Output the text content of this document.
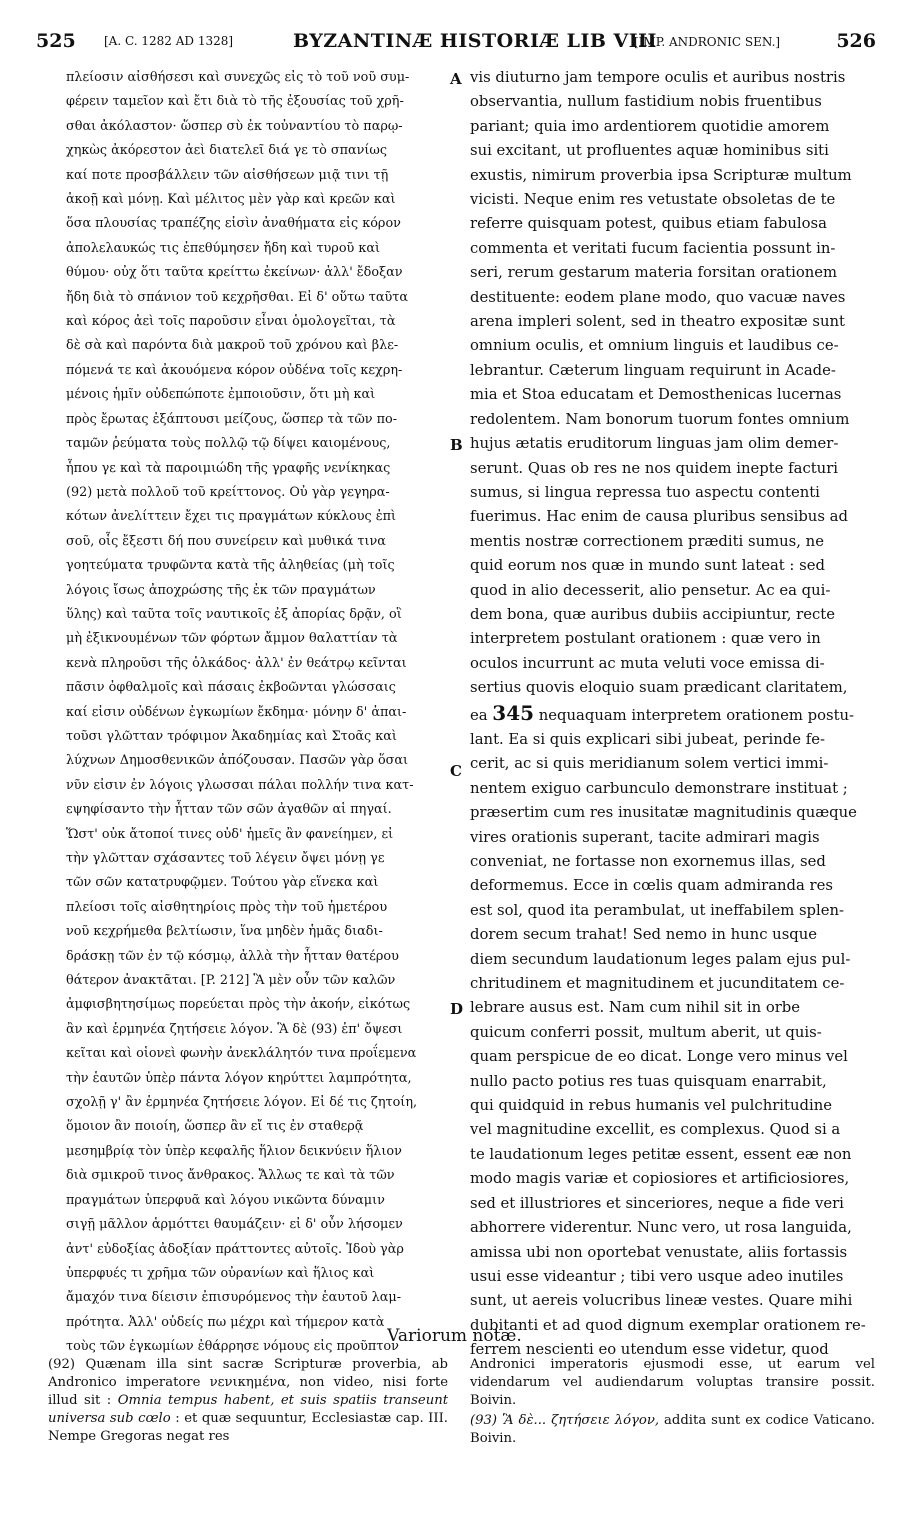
525 [A. C. 1282 AD 1328]	BYZANTINÆ HISTORIÆ LIB VIII
[IMP. ANDRONIC SEN.]	526
πλείοσιν αἰσθήσεσι καὶ συνεχῶς εἰς τὸ τοῦ νοῦ συμ-
φέρειν ταμεῖον καὶ ἔτι διὰ τὸ τῆς ἐξουσίας τοῦ χρῆ-
σθαι ἀκόλαστον· ὥσπερ σὺ ἐκ τοὐναντίου τὸ παρῳ-
χηκὼς ἀκόρεστον ἀεὶ διατελεῖ διά γε τὸ σπανίως
καί ποτε προσβάλλειν τῶν αἰσθήσεων μιᾷ τινι τῇ
ἀκοῇ καὶ μόνῃ. Καὶ μέλιτος μὲν γὰρ καὶ κρεῶν καὶ
ὅσα πλουσίας τραπέζης εἰσὶν ἀναθήματα εἰς κόρον
ἀπολελαυκώς τις ἐπεθύμησεν ἤδη καὶ τυροῦ καὶ
θύμου· οὐχ ὅτι ταῦτα κρείττω ἐκείνων· ἀλλ' ἔδοξαν
ἤδη διὰ τὸ σπάνιον τοῦ κεχρῆσθαι. Εἰ δ' οὕτω ταῦτα
καὶ κόρος ἀεὶ τοῖς παροῦσιν εἶναι ὁμολογεῖται, τὰ
δὲ σὰ καὶ παρόντα διὰ μακροῦ τοῦ χρόνου καὶ βλε-
πόμενά τε καὶ ἀκουόμενα κόρον οὐδένα τοῖς κεχρη-
μένοις ἡμῖν οὐδεπώποτε ἐμποιοῦσιν, ὅτι μὴ καὶ
πρὸς ἔρωτας ἐξάπτουσι μείζους, ὥσπερ τὰ τῶν πο-
ταμῶν ῥεύματα τοὺς πολλῷ τῷ δίψει καιομένους,
ἧπου γε καὶ τὰ παροιμιώδη τῆς γραφῆς νενίκηκας
(92) μετὰ πολλοῦ τοῦ κρείττονος. Οὐ γὰρ γεγηρα-
κότων ἀνελίττειν ἔχει τις πραγμάτων κύκλους ἐπὶ
σοῦ, οἷς ἔξεστι δή που συνείρειν καὶ μυθικά τινα
γοητεύματα τρυφῶντα κατὰ τῆς ἀληθείας (μὴ τοῖς
λόγοις ἴσως ἀποχρώσης τῆς ἐκ τῶν πραγμάτων
ὕλης) καὶ ταῦτα τοῖς ναυτικοῖς ἐξ ἀπορίας δρᾷν, οἳ
μὴ ἐξικνουμένων τῶν φόρτων ἄμμον θαλαττίαν τὰ
κενὰ πληροῦσι τῆς ὁλκάδος· ἀλλ' ἐν θεάτρῳ κεῖνται
πᾶσιν ὀφθαλμοῖς καὶ πάσαις ἐκβοῶνται γλώσσαις
καί εἰσιν οὐδένων ἐγκωμίων ἔκδημα· μόνην δ' ἀπαι-
τοῦσι γλῶτταν τρόφιμον Ἀκαδημίας καὶ Στοᾶς καὶ
λύχνων Δημοσθενικῶν ἀπόζουσαν. Πασῶν γὰρ ὅσαι
νῦν εἰσιν ἐν λόγοις γλωσσαι πάλαι πολλήν τινα κατ-
εψηφίσαντο τὴν ἧτταν τῶν σῶν ἀγαθῶν αἱ πηγαί.
Ὥστ' οὐκ ἄτοποί τινες οὐδ' ἡμεῖς ἂν φανείημεν, εἰ
τὴν γλῶτταν σχάσαντες τοῦ λέγειν ὄψει μόνῃ γε
τῶν σῶν κατατρυφῷμεν. Τούτου γὰρ εἵνεκα καὶ
πλείοσι τοῖς αἰσθητηρίοις πρὸς τὴν τοῦ ἡμετέρου
νοῦ κεχρήμεθα βελτίωσιν, ἵνα μηδὲν ἡμᾶς διαδι-
δράσκῃ τῶν ἐν τῷ κόσμῳ, ἀλλὰ τὴν ἧτταν θατέρου
θάτερον ἀνακτᾶται. [P. 212] Ἃ μὲν οὖν τῶν καλῶν
ἀμφισβητησίμως πορεύεται πρὸς τὴν ἀκοήν, εἰκότως
ἂν καὶ ἑρμηνέα ζητήσειε λόγον. Ἃ δὲ (93) ἐπ' ὄψεσι
κεῖται καὶ οἱονεὶ φωνὴν ἀνεκλάλητόν τινα προΐεμενα
τὴν ἑαυτῶν ὑπὲρ πάντα λόγον κηρύττει λαμπρότητα,
σχολῇ γ' ἂν ἑρμηνέα ζητήσειε λόγον. Εἰ δέ τις ζητοίη,
ὅμοιον ἂν ποιοίη, ὥσπερ ἂν εἴ τις ἐν σταθερᾷ
μεσημβρίᾳ τὸν ὑπὲρ κεφαλῆς ἥλιον δεικνύειν ἥλιον
διὰ σμικροῦ τινος ἄνθρακος. Ἄλλως τε καὶ τὰ τῶν
πραγμάτων ὑπερφυᾶ καὶ λόγου νικῶντα δύναμιν
σιγῇ μᾶλλον ἁρμόττει θαυμάζειν· εἰ δ' οὖν λήσομεν
ἀντ' εὐδοξίας ἀδοξίαν πράττοντες αὐτοῖς. Ἰδοὺ γὰρ
ὑπερφυές τι χρῆμα τῶν οὐρανίων καὶ ἥλιος καὶ
ἄμαχόν τινα δίεισιν ἐπισυρόμενος τὴν ἑαυτοῦ λαμ-
πρότητα. Ἀλλ' οὐδείς πω μέχρι καὶ τήμερον κατὰ
τοὺς τῶν ἐγκωμίων ἐθάρρησε νόμους εἰς προῦπτον
A
B
C
D
vis diuturno jam tempore oculis et auribus nostris
observantia, nullum fastidium nobis fruentibus
pariant; quia imo ardentiorem quotidie amorem
sui excitant, ut profluentes aquæ hominibus siti
exustis, nimirum proverbia ipsa Scripturæ multum
vicisti. Neque enim res vetustate obsoletas de te
referre quisquam potest, quibus etiam fabulosa
commenta et veritati fucum facientia possunt in-
seri, rerum gestarum materia forsitan orationem
destituente: eodem plane modo, quo vacuæ naves
arena impleri solent, sed in theatro expositæ sunt
omnium oculis, et omnium linguis et laudibus ce-
lebrantur. Cæterum linguam requirunt in Acade-
mia et Stoa educatam et Demosthenicas lucernas
redolentem. Nam bonorum tuorum fontes omnium
hujus ætatis eruditorum linguas jam olim demer-
serunt. Quas ob res ne nos quidem inepte facturi
sumus, si lingua repressa tuo aspectu contenti
fuerimus. Hac enim de causa pluribus sensibus ad
mentis nostræ correctionem præditi sumus, ne
quid eorum nos quæ in mundo sunt lateat : sed
quod in alio decesserit, alio pensetur. Ac ea qui-
dem bona, quæ auribus dubiis accipiuntur, recte
interpretem postulant orationem : quæ vero in
oculos incurrunt ac muta veluti voce emissa di-
sertius quovis eloquio suam prædicant claritatem,
ea 345 nequaquam interpretem orationem postu-
lant. Ea si quis explicari sibi jubeat, perinde fe-
cerit, ac si quis meridianum solem vertici immi-
nentem exiguo carbunculo demonstrare instituat ;
præsertim cum res inusitatæ magnitudinis quæque
vires orationis superant, tacite admirari magis
conveniat, ne fortasse non exornemus illas, sed
deformemus. Ecce in cœlis quam admiranda res
est sol, quod ita perambulat, ut ineffabilem splen-
dorem secum trahat! Sed nemo in hunc usque
diem secundum laudationum leges palam ejus pul-
chritudinem et magnitudinem et jucunditatem ce-
lebrare ausus est. Nam cum nihil sit in orbe
quicum conferri possit, multum aberit, ut quis-
quam perspicue de eo dicat. Longe vero minus vel
nullo pacto potius res tuas quisquam enarrabit,
qui quidquid in rebus humanis vel pulchritudine
vel magnitudine excellit, es complexus. Quod si a
te laudationum leges petitæ essent, essent eæ non
modo magis variæ et copiosiores et artificiosiores,
sed et illustriores et sinceriores, neque a fide veri
abhorrere viderentur. Nunc vero, ut rosa languida,
amissa ubi non oportebat venustate, aliis fortassis
usui esse videantur ; tibi vero usque adeo inutiles
sunt, ut aereis volucribus lineæ vestes. Quare mihi
dubitanti et ad quod dignum exemplar orationem re-
ferrem nescienti eo utendum esse videtur, quod
Variorum notæ.

(92) Quænam illa sint sacræ Scripturæ proverbia, ab Andronico imperatore νενικημένα, non video, nisi forte illud sit : Omnia tempus habent, et suis spatiis transeunt universa sub cœlo : et quæ sequuntur, Ecclesiastæ cap. III. Nempe Gregoras negat res

Andronici imperatoris ejusmodi esse, ut earum vel videndarum vel audiendarum voluptas transire possit. Boivin.

(93) Ἃ δὲ... ζητήσειε λόγον, addita sunt ex codice Vaticano. Boivin.
